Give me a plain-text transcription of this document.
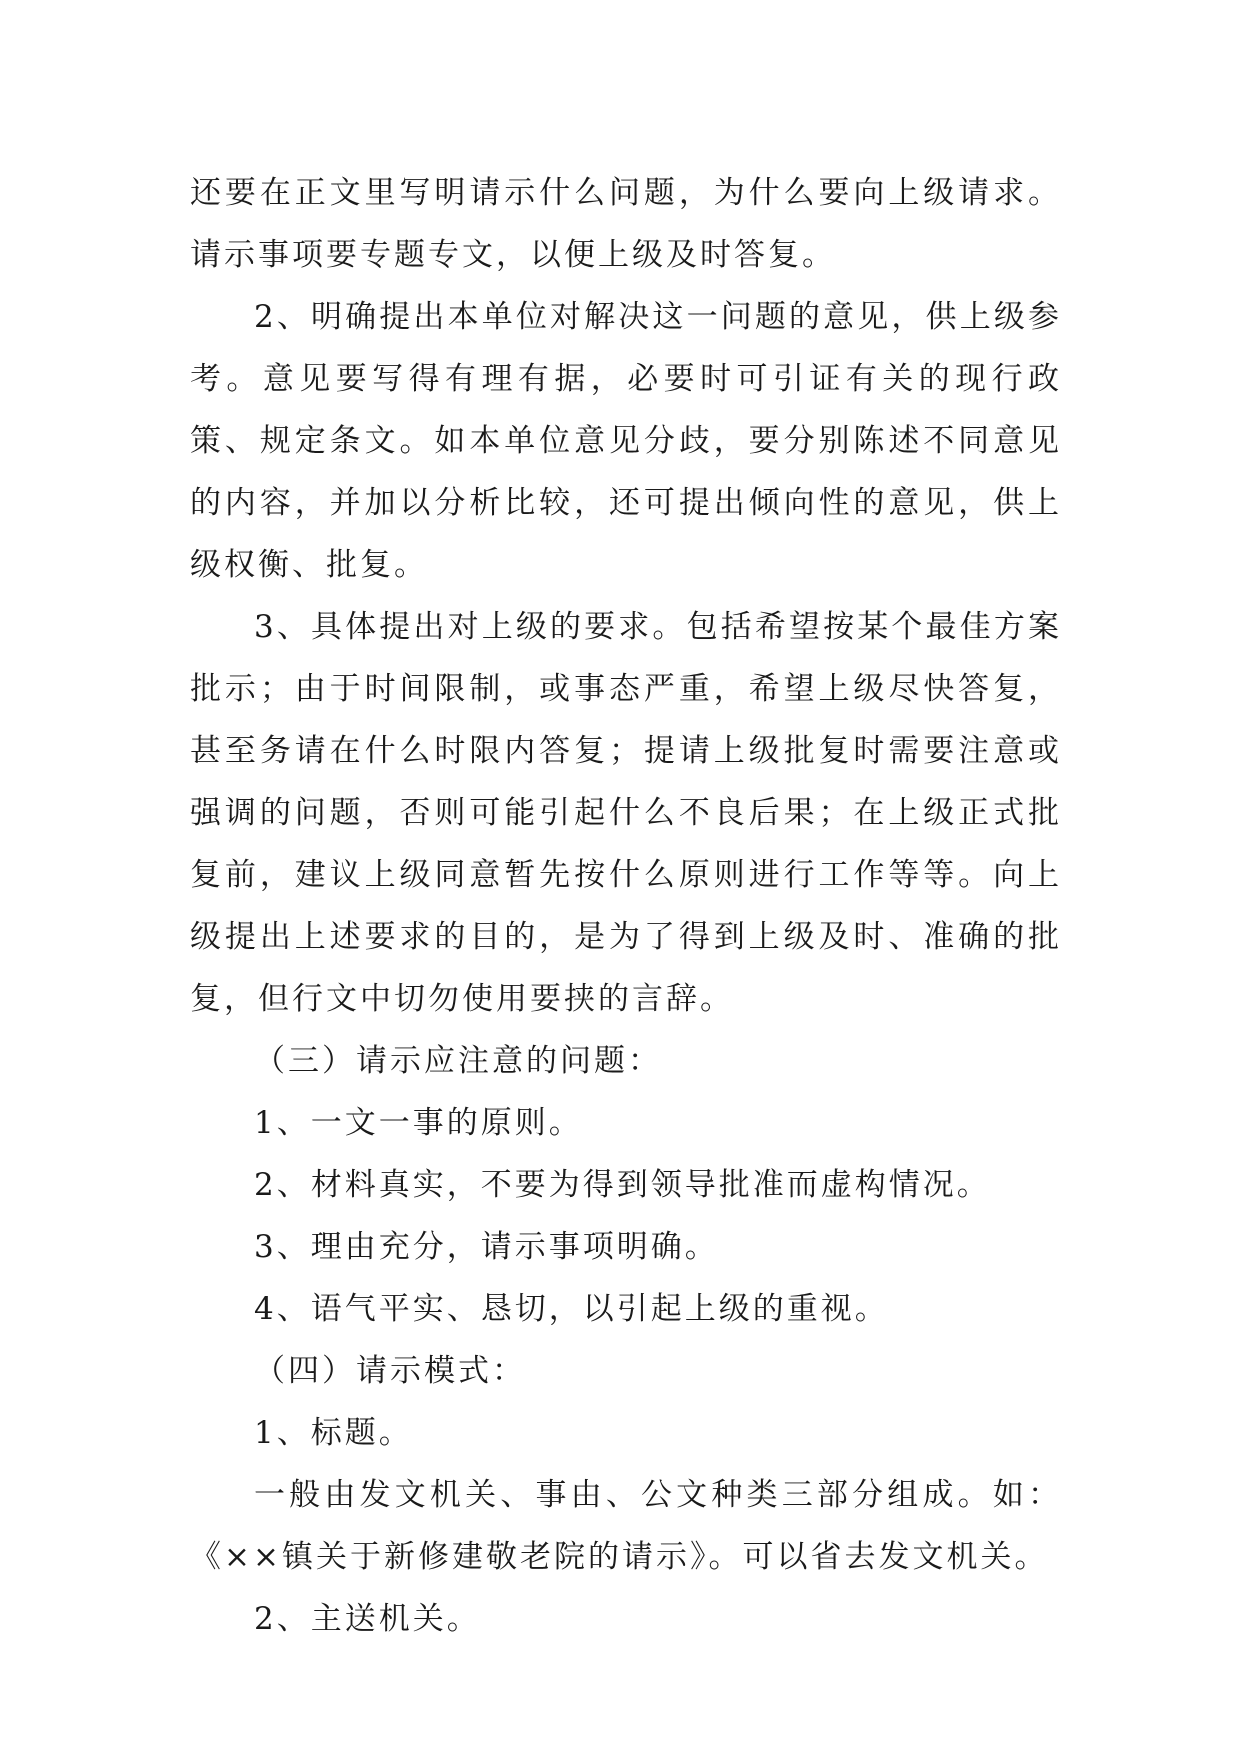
还要在正文里写明请示什么问题，为什么要向上级请求。请示事项要专题专文，以便上级及时答复。

2、明确提出本单位对解决这一问题的意见，供上级参考。意见要写得有理有据，必要时可引证有关的现行政策、规定条文。如本单位意见分歧，要分别陈述不同意见的内容，并加以分析比较，还可提出倾向性的意见，供上级权衡、批复。

3、具体提出对上级的要求。包括希望按某个最佳方案批示；由于时间限制，或事态严重，希望上级尽快答复，甚至务请在什么时限内答复；提请上级批复时需要注意或强调的问题，否则可能引起什么不良后果；在上级正式批复前，建议上级同意暂先按什么原则进行工作等等。向上级提出上述要求的目的，是为了得到上级及时、准确的批复，但行文中切勿使用要挟的言辞。

（三）请示应注意的问题：

1、一文一事的原则。

2、材料真实，不要为得到领导批准而虚构情况。

3、理由充分，请示事项明确。

4、语气平实、恳切，以引起上级的重视。

（四）请示模式：

1、标题。

一般由发文机关、事由、公文种类三部分组成。如：《××镇关于新修建敬老院的请示》。可以省去发文机关。

2、主送机关。
